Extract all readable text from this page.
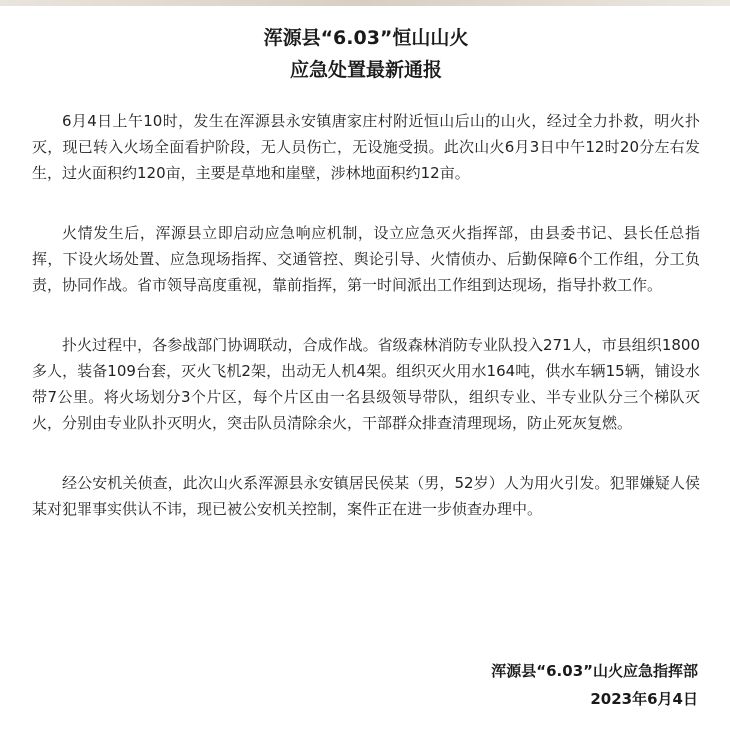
浑源县“6.03”恒山山火
应急处置最新通报

6月4日上午10时，发生在浑源县永安镇唐家庄村附近恒山后山的山火，经过全力扑救，明火扑灭，现已转入火场全面看护阶段，无人员伤亡，无设施受损。此次山火6月3日中午12时20分左右发生，过火面积约120亩，主要是草地和崖壁，涉林地面积约12亩。

火情发生后，浑源县立即启动应急响应机制，设立应急灭火指挥部，由县委书记、县长任总指挥，下设火场处置、应急现场指挥、交通管控、舆论引导、火情侦办、后勤保障6个工作组，分工负责，协同作战。省市领导高度重视，靠前指挥，第一时间派出工作组到达现场，指导扑救工作。

扑火过程中，各参战部门协调联动，合成作战。省级森林消防专业队投入271人，市县组织1800多人，装备109台套，灭火飞机2架，出动无人机4架。组织灭火用水164吨，供水车辆15辆，铺设水带7公里。将火场划分3个片区，每个片区由一名县级领导带队，组织专业、半专业队分三个梯队灭火，分别由专业队扑灭明火，突击队员清除余火，干部群众排查清理现场，防止死灰复燃。

经公安机关侦查，此次山火系浑源县永安镇居民侯某（男，52岁）人为用火引发。犯罪嫌疑人侯某对犯罪事实供认不讳，现已被公安机关控制，案件正在进一步侦查办理中。

浑源县“6.03”山火应急指挥部
2023年6月4日
